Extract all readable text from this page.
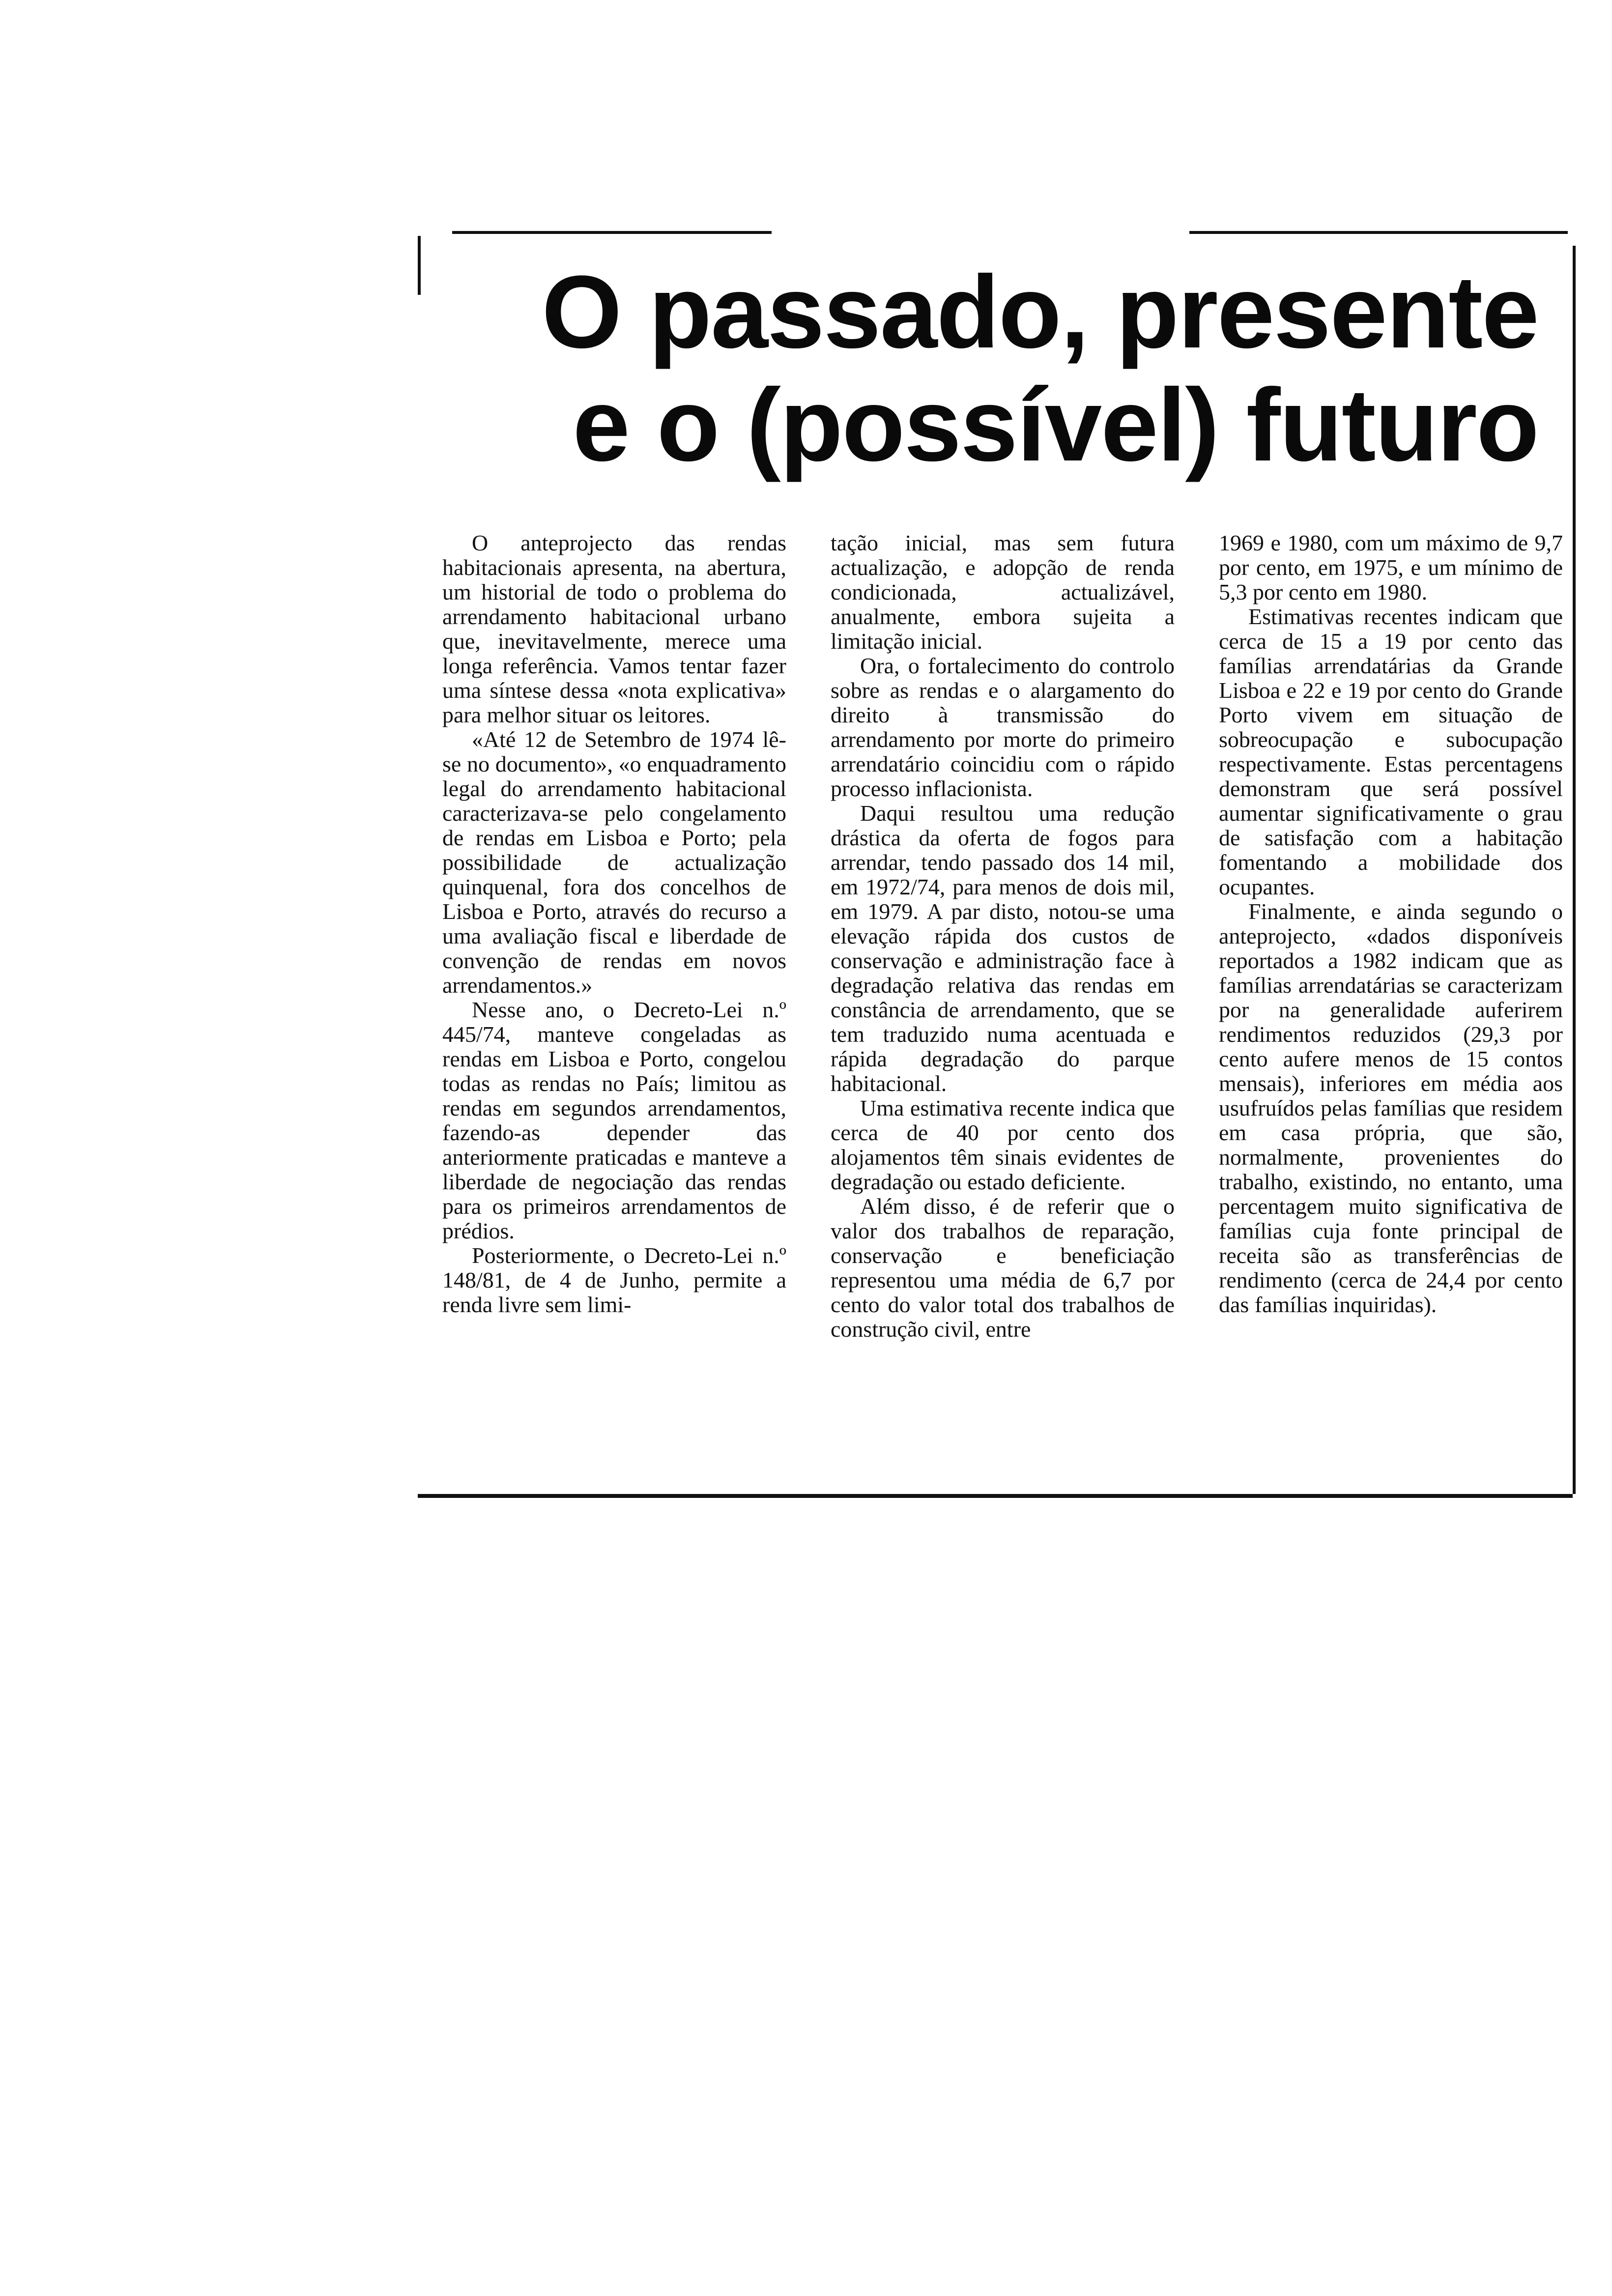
O passado, presente
e o (possível) futuro

O anteprojecto das rendas habitacionais apresenta, na abertura, um historial de todo o problema do arrendamento habitacional urbano que, inevitavelmente, merece uma longa referência. Vamos tentar fazer uma síntese dessa «nota explicativa» para melhor situar os leitores.

«Até 12 de Setembro de 1974 lê-se no documento», «o enquadramento legal do arrendamento habitacional caracterizava-se pelo congelamento de rendas em Lisboa e Porto; pela possibilidade de actualização quinquenal, fora dos concelhos de Lisboa e Porto, através do recurso a uma avaliação fiscal e liberdade de convenção de rendas em novos arrendamentos.»

Nesse ano, o Decreto-Lei n.º 445/74, manteve congeladas as rendas em Lisboa e Porto, congelou todas as rendas no País; limitou as rendas em segundos arrendamentos, fazendo-as depender das anteriormente praticadas e manteve a liberdade de negociação das rendas para os primeiros arrendamentos de prédios.

Posteriormente, o Decreto-Lei n.º 148/81, de 4 de Junho, permite a renda livre sem limi-

tação inicial, mas sem futura actualização, e adopção de renda condicionada, actualizável, anualmente, embora sujeita a limitação inicial.

Ora, o fortalecimento do controlo sobre as rendas e o alargamento do direito à transmissão do arrendamento por morte do primeiro arrendatário coincidiu com o rápido processo inflacionista.

Daqui resultou uma redução drástica da oferta de fogos para arrendar, tendo passado dos 14 mil, em 1972/74, para menos de dois mil, em 1979. A par disto, notou-se uma elevação rápida dos custos de conservação e administração face à degradação relativa das rendas em constância de arrendamento, que se tem traduzido numa acentuada e rápida degradação do parque habitacional.

Uma estimativa recente indica que cerca de 40 por cento dos alojamentos têm sinais evidentes de degradação ou estado deficiente.

Além disso, é de referir que o valor dos trabalhos de reparação, conservação e beneficiação representou uma média de 6,7 por cento do valor total dos trabalhos de construção civil, entre

1969 e 1980, com um máximo de 9,7 por cento, em 1975, e um mínimo de 5,3 por cento em 1980.

Estimativas recentes indicam que cerca de 15 a 19 por cento das famílias arrendatárias da Grande Lisboa e 22 e 19 por cento do Grande Porto vivem em situação de sobreocupação e subocupação respectivamente. Estas percentagens demonstram que será possível aumentar significativamente o grau de satisfação com a habitação fomentando a mobilidade dos ocupantes.

Finalmente, e ainda segundo o anteprojecto, «dados disponíveis reportados a 1982 indicam que as famílias arrendatárias se caracterizam por na generalidade auferirem rendimentos reduzidos (29,3 por cento aufere menos de 15 contos mensais), inferiores em média aos usufruídos pelas famílias que residem em casa própria, que são, normalmente, provenientes do trabalho, existindo, no entanto, uma percentagem muito significativa de famílias cuja fonte principal de receita são as transferências de rendimento (cerca de 24,4 por cento das famílias inquiridas).
